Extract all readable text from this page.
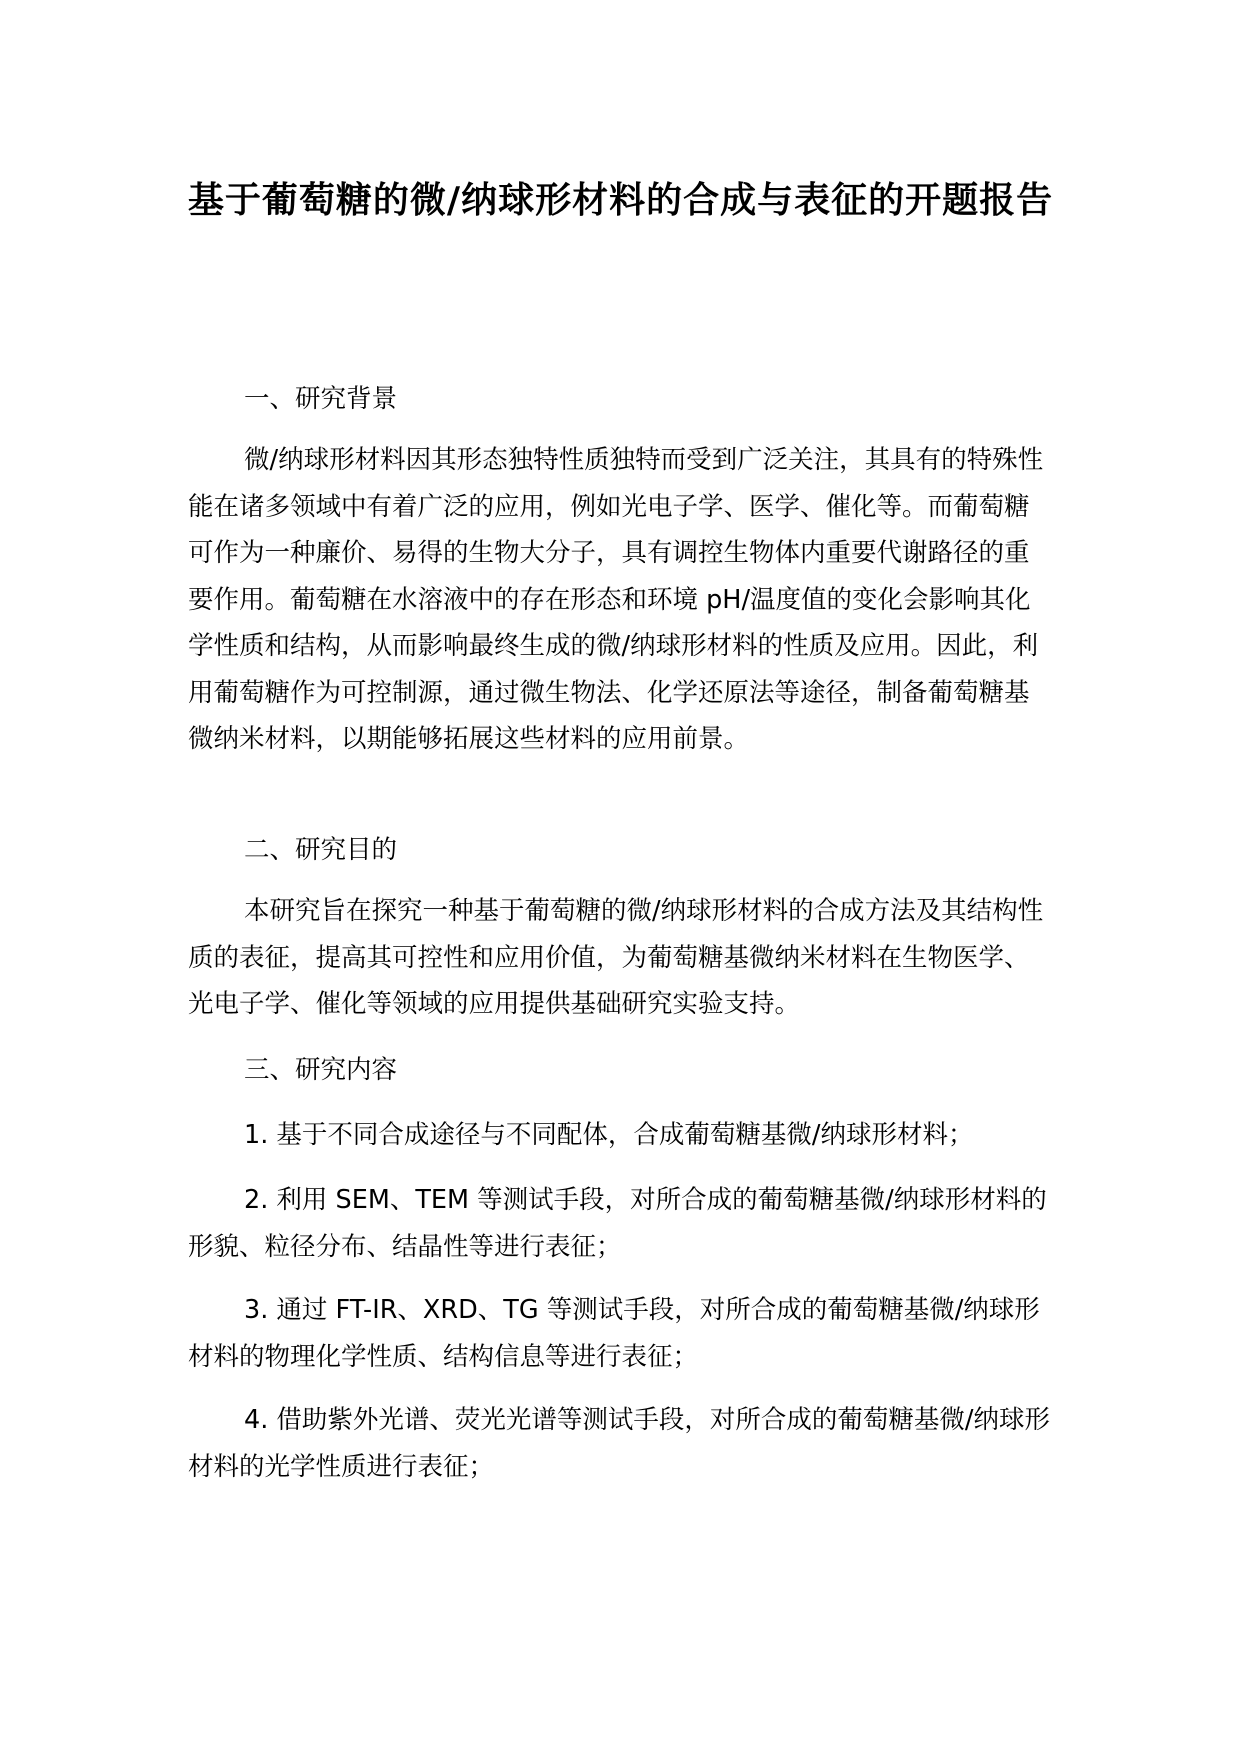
基于葡萄糖的微/纳球形材料的合成与表征的开题报告

一、研究背景

微/纳球形材料因其形态独特性质独特而受到广泛关注，其具有的特殊性能在诸多领域中有着广泛的应用，例如光电子学、医学、催化等。而葡萄糖可作为一种廉价、易得的生物大分子，具有调控生物体内重要代谢路径的重要作用。葡萄糖在水溶液中的存在形态和环境 pH/温度值的变化会影响其化学性质和结构，从而影响最终生成的微/纳球形材料的性质及应用。因此，利用葡萄糖作为可控制源，通过微生物法、化学还原法等途径，制备葡萄糖基微纳米材料，以期能够拓展这些材料的应用前景。

二、研究目的

本研究旨在探究一种基于葡萄糖的微/纳球形材料的合成方法及其结构性质的表征，提高其可控性和应用价值，为葡萄糖基微纳米材料在生物医学、光电子学、催化等领域的应用提供基础研究实验支持。

三、研究内容

1. 基于不同合成途径与不同配体，合成葡萄糖基微/纳球形材料；

2. 利用 SEM、TEM 等测试手段，对所合成的葡萄糖基微/纳球形材料的形貌、粒径分布、结晶性等进行表征；

3. 通过 FT-IR、XRD、TG 等测试手段，对所合成的葡萄糖基微/纳球形材料的物理化学性质、结构信息等进行表征；

4. 借助紫外光谱、荧光光谱等测试手段，对所合成的葡萄糖基微/纳球形材料的光学性质进行表征；
